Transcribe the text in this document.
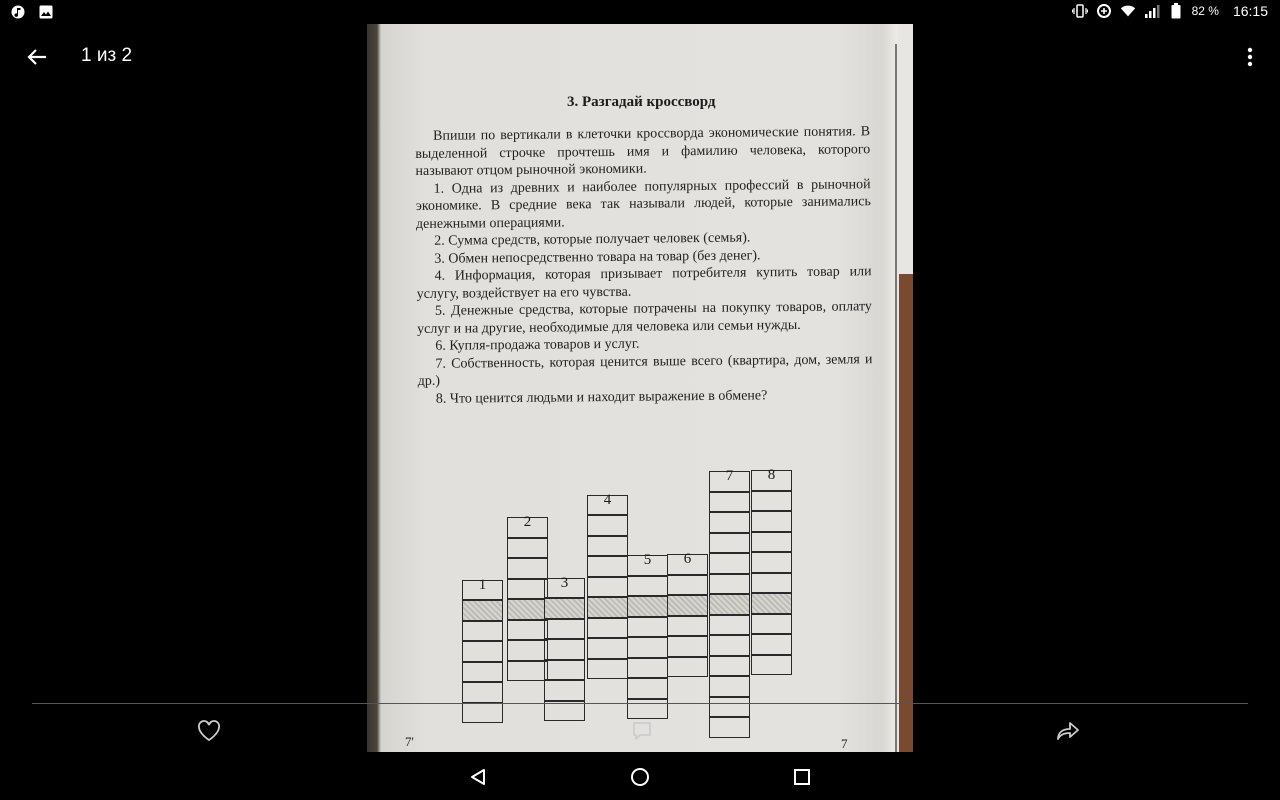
82 % 16:15
1 из 2
3. Разгадай кроссворд

Впиши по вертикали в клеточки кроссворда экономические понятия. В выделенной строчке прочтешь имя и фамилию человека, которого называют отцом рыночной экономики.

1. Одна из древних и наиболее популярных профессий в рыночной экономике. В средние века так называли людей, которые занимались денежными операциями.

2. Сумма средств, которые получает человек (семья).

3. Обмен непосредственно товара на товар (без денег).

4. Информация, которая призывает потребителя купить товар или услугу, воздействует на его чувства.

5. Денежные средства, которые потрачены на покупку товаров, оплату услуг и на другие, необходимые для человека или семьи нужды.

6. Купля-продажа товаров и услуг.

7. Собственность, которая ценится выше всего (квартира, дом, земля и др.)

8. Что ценится людьми и находит выражение в обмене?

1
2
3
4
5	6
7	8
7'	7
